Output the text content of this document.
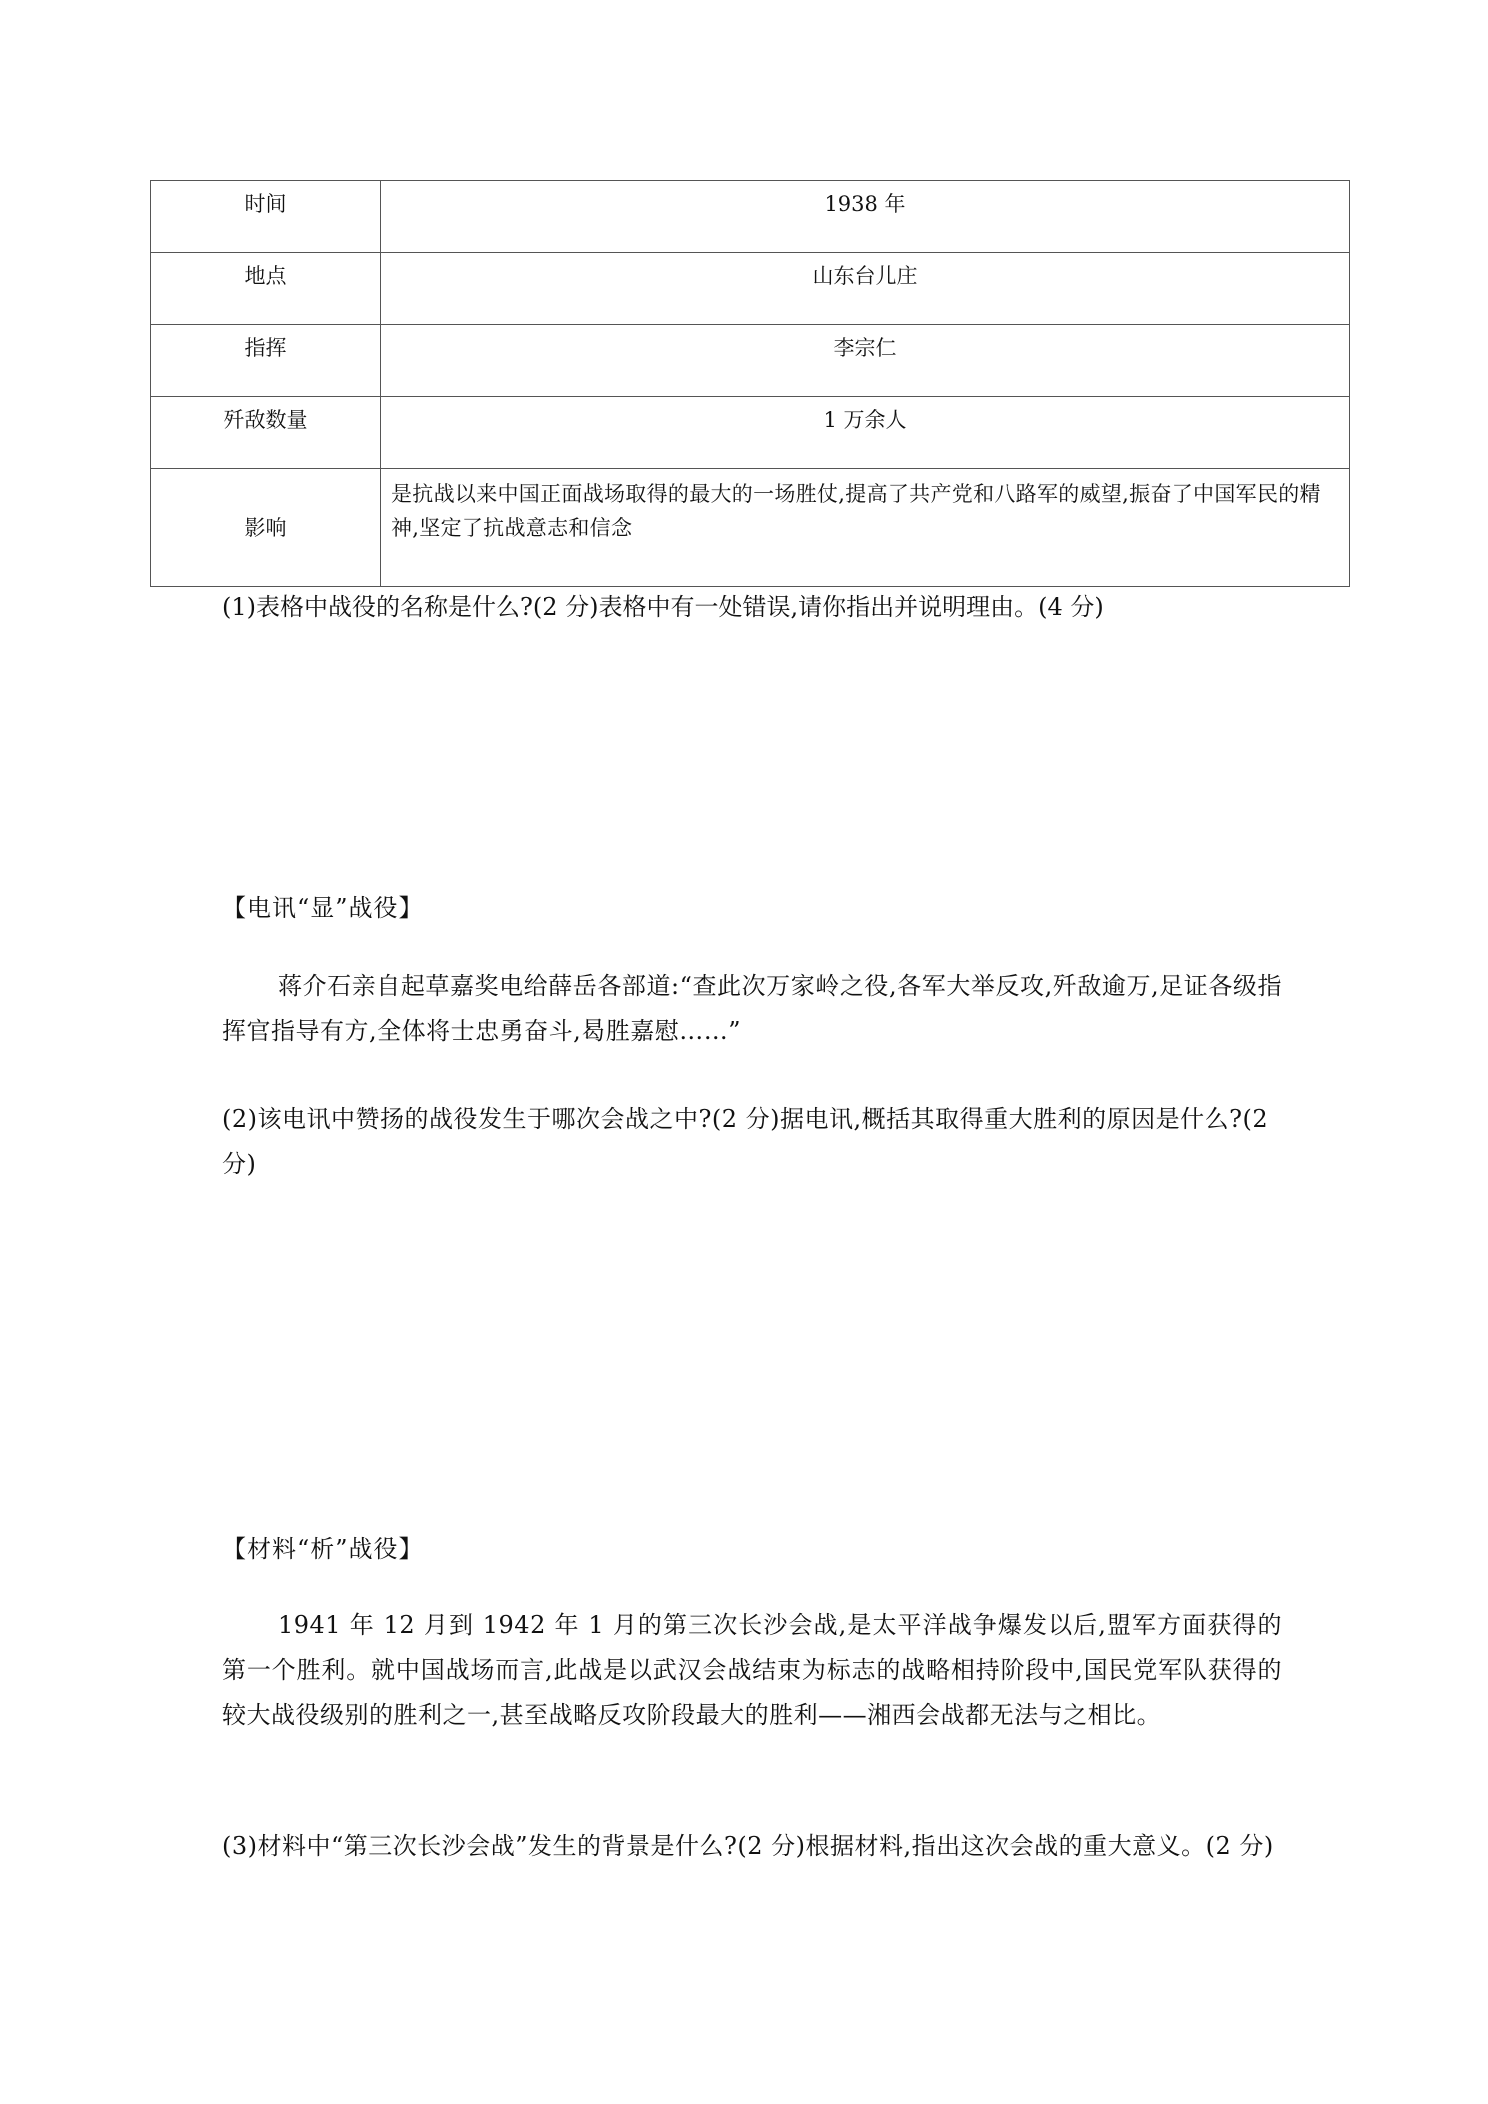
时间	1938 年
地点	山东台儿庄
指挥	李宗仁
歼敌数量	1 万余人
影响	是抗战以来中国正面战场取得的最大的一场胜仗,提高了共产党和八路军的威望,振奋了中国军民的精神,坚定了抗战意志和信念

(1)表格中战役的名称是什么?(2 分)表格中有一处错误,请你指出并说明理由。(4 分)

【电讯“显”战役】

蒋介石亲自起草嘉奖电给薛岳各部道:“查此次万家岭之役,各军大举反攻,歼敌逾万,足证各级指挥官指导有方,全体将士忠勇奋斗,曷胜嘉慰……”

(2)该电讯中赞扬的战役发生于哪次会战之中?(2 分)据电讯,概括其取得重大胜利的原因是什么?(2 分)

【材料“析”战役】

1941 年 12 月到 1942 年 1 月的第三次长沙会战,是太平洋战争爆发以后,盟军方面获得的第一个胜利。就中国战场而言,此战是以武汉会战结束为标志的战略相持阶段中,国民党军队获得的较大战役级别的胜利之一,甚至战略反攻阶段最大的胜利——湘西会战都无法与之相比。

(3)材料中“第三次长沙会战”发生的背景是什么?(2 分)根据材料,指出这次会战的重大意义。(2 分)
